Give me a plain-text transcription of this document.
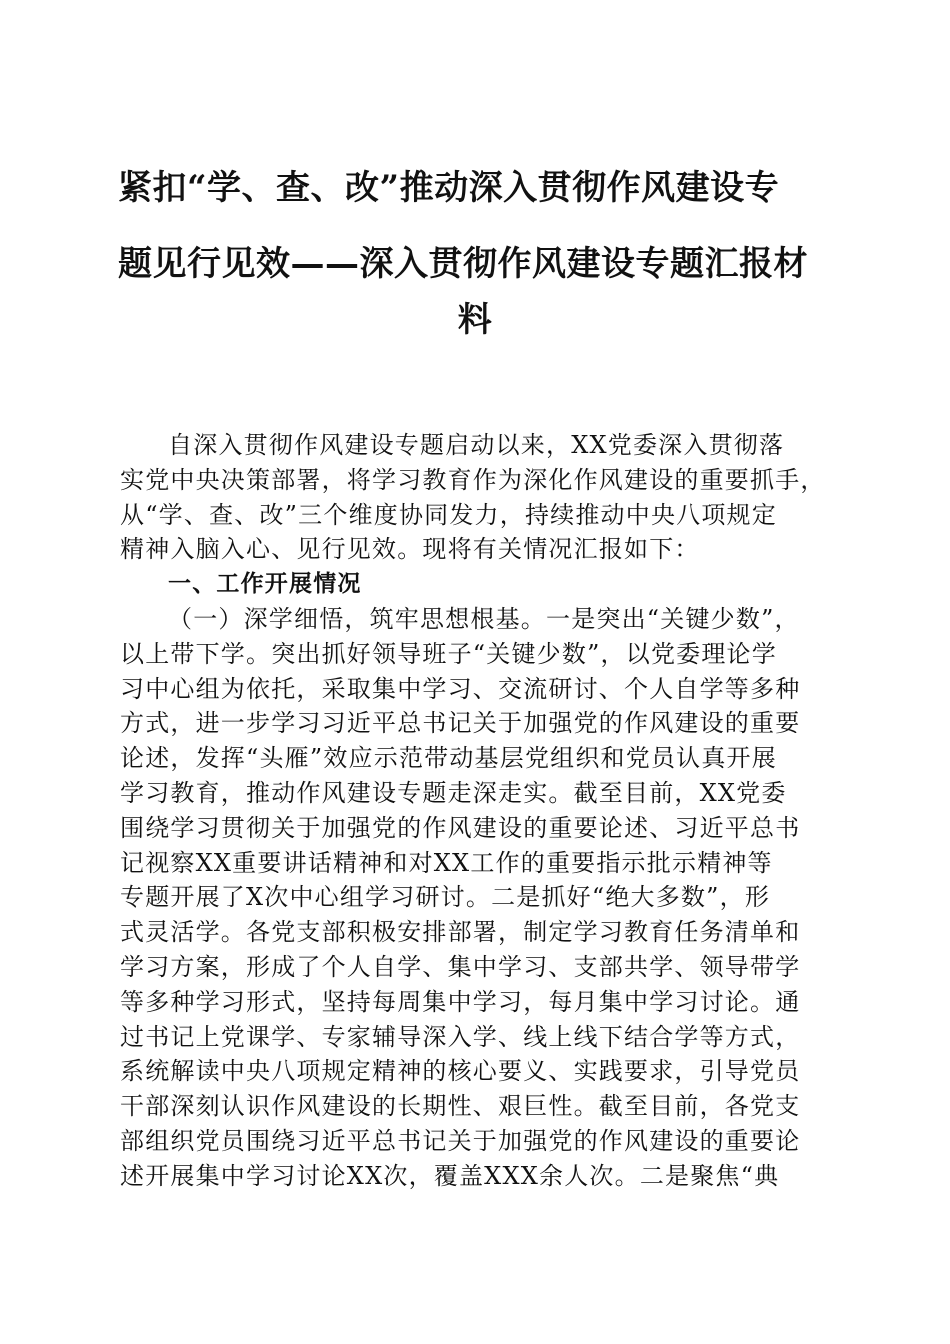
紧扣“学、查、改”推动深入贯彻作风建设专
题见行见效——深入贯彻作风建设专题汇报材
料
自深入贯彻作风建设专题启动以来，XX党委深入贯彻落
实党中央决策部署，将学习教育作为深化作风建设的重要抓手，
从“学、查、改”三个维度协同发力，持续推动中央八项规定
精神入脑入心、见行见效。现将有关情况汇报如下：
一、工作开展情况
（一）深学细悟，筑牢思想根基。一是突出“关键少数”，
以上带下学。突出抓好领导班子“关键少数”，以党委理论学
习中心组为依托，采取集中学习、交流研讨、个人自学等多种
方式，进一步学习习近平总书记关于加强党的作风建设的重要
论述，发挥“头雁”效应示范带动基层党组织和党员认真开展
学习教育，推动作风建设专题走深走实。截至目前，XX党委
围绕学习贯彻关于加强党的作风建设的重要论述、习近平总书
记视察XX重要讲话精神和对XX工作的重要指示批示精神等
专题开展了X次中心组学习研讨。二是抓好“绝大多数”，形
式灵活学。各党支部积极安排部署，制定学习教育任务清单和
学习方案，形成了个人自学、集中学习、支部共学、领导带学
等多种学习形式，坚持每周集中学习，每月集中学习讨论。通
过书记上党课学、专家辅导深入学、线上线下结合学等方式，
系统解读中央八项规定精神的核心要义、实践要求，引导党员
干部深刻认识作风建设的长期性、艰巨性。截至目前，各党支
部组织党员围绕习近平总书记关于加强党的作风建设的重要论
述开展集中学习讨论XX次，覆盖XXX余人次。二是聚焦“典
